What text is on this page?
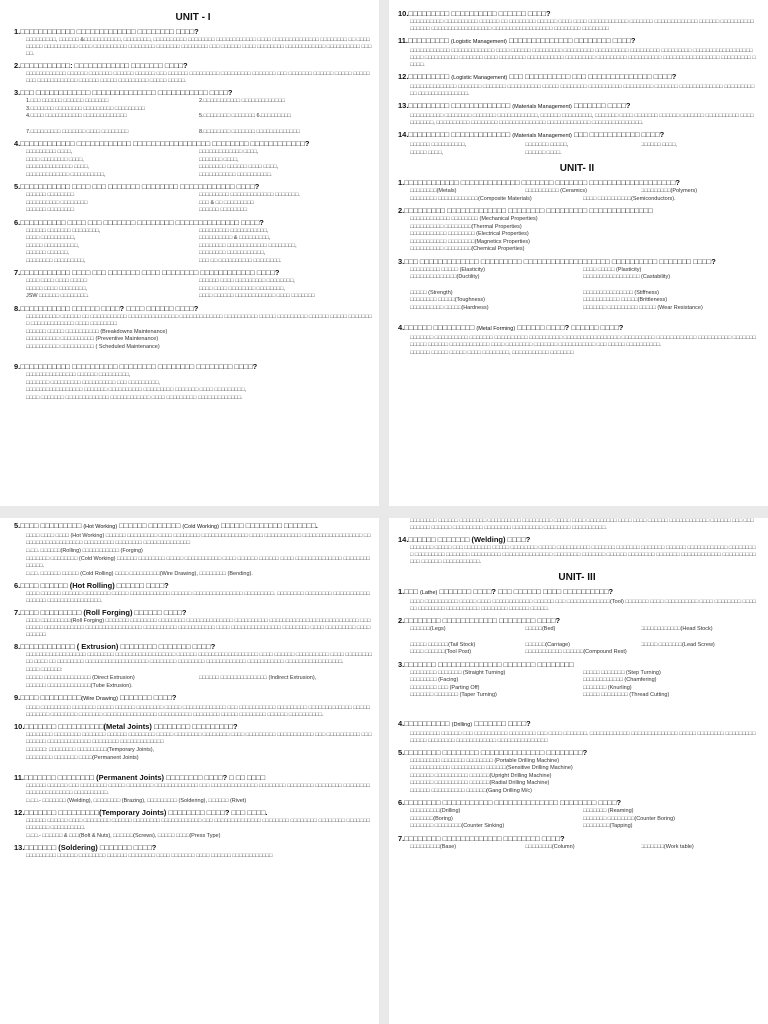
UNIT - I
1.□□□□□□□□□□□□ □□□□□□□□□□□□□ □□□□□□□□ □□□□?
□□□□□□□□□, □□□□□□ &□□□□□□□□□□□, □□□□□□□□, □□□□□□□□□□ □□□□□□□□ □□□□□□□□□□□□ □□□□ □□□□□□□□□□□□□□ □□□□□□□□ □□ □□□□□□□□□ □□□□□□□□□□ □□□□ □□□□□□□□□□ □□□□□□□□ □□□□□□□ □□□□□□□□ □□□ □□□□□□ □□□□ □□□□□□□□ □□□□□□□□□□□□ □□□□□□□□□□ □□□□□.
2.□□□□□□□□□□□: □□□□□□□□□□□□ □□□□□□□ □□□□?
□□□□□□□□□□□□ □□□□□□ □□□□□□□ □□□□□□ □□□□□□ □□□ □□□□□□ □□□□□□□□□ □□□□□□□□□ □□□□□□□ □□□ □□□□□□□ □□□□□□ □□□□□ □□□□□□□□ □□□□□□□□□□□□ □□□□□□ □□□□□ □□□□□□□□□ □□□□□ □□□□□.
3.□□□ □□□□□□□□□□□□ □□□□□□□□□□□□□□ □□□□□□□□□□□ □□□□?
1.□□□ □□□□□□ □□□□□□ □□□□□□□	2.□□□□□□□□□□□ □□□□□□□□□□□□□
3.□□□□□□□ □□□□□□□□ □□□□□□□□□ □□□□□□□□□
4.□□□□ □□□□□□□□□□□ □□□□□□□□□□□□□	5.□□□□□□□□ □□□□□□□ 6.□□□□□□□□□
7.□□□□□□□□□ □□□□□□□ □□□□ □□□□□□□□	8.□□□□□□□□ □□□□□□□ □□□□□□□□□□□□□
4.□□□□□□□□□□□□ □□□□□□□□□□□□ □□□□□□□□□□□□□□□□□ □□□□□□□□ □□□□□□□□□□□□?
□□□□□□□□□ □□□□,	□□□□□□□□□□□□□ □□□□,
□□□□ □□□□□□□□ □□□□,	□□□□□□□ □□□□,
□□□□□□□□□□□□□□ □□□□,	□□□□□□□□ □□□□□□ □□□□ □□□□,
□□□□□□□□□□□□□ □□□□□□□□□□,	□□□□□□□□□□□ □□□□□□□□□□.
5.□□□□□□□□□□□ □□□□ □□□ □□□□□□□ □□□□□□□□ □□□□□□□□□□□□ □□□□?
□□□□□□ □□□□□□□□	□□□□□□□□□ □□□□□□□□□□□□□ □□□□□□□.
□□□□□□□□□□ □□□□□□□□	□□□ & □□ □□□□□□□□□
□□□□□□ □□□□□□□□	□□□□□□ □□□□□□□□
6.□□□□□□□□□□ □□□□ □□□ □□□□□□□ □□□□□□□□ □□□□□□□□□□□□□□ □□□□?
□□□□□□ □□□□□□□ □□□□□□□□,	□□□□□□□□□ □□□□□□□□□□□,
□□□□ □□□□□□□□□□,	□□□□□□□□□□ & □□□□□□□□□,
□□□□□ □□□□□□□□□□,	□□□□□□□□ □□□□□□□□□□□□ □□□□□□□□,
□□□□□□ □□□□□□,	□□□□□□□□ □□□□□□□□□□□,
□□□□□□□□ □□□□□□□□□,	□□□ □□ □□□□□□□□□□ □□□□□□□□.
7.□□□□□□□□□□□ □□□□ □□□ □□□□□□□ □□□□ □□□□□□□□ □□□□□□□□□□□□ □□□□?
□□□□ □□□□ □□□□ □□□□□	□□□□□□ □□□□ □□□□□□□□□ □□□□□□□□,
□□□□□ □□□□ □□□□□□□□,	□□□□ □□□□ □□□□□□□□ □□□□□□□□,
JSW □□□□□□ □□□□□□□□.	□□□□ □□□□□□ □□□□□□□□□□□□ □□□□ □□□□□□□
8.□□□□□□□□□□□ □□□□□□ □□□□? □□□□ □□□□□□ □□□□?
□□□□□□□□□□ □□□□□□ □□ □□□□□□□□□□□ □□□□□□□□□□□□□□□ □□□□□□□□□□□□□ □□□□□□□□□□ □□□□□ □□□□□□□□□ □□□□□□ □□□□□ □□□□□□□□ □□□□□□□□□□□□□ □□□□ □□□□□□□□
□□□□□□ □□□□□ □□□□□□□□□□ (Breakdowns Maintenance)
□□□□□□□□□□ □□□□□□□□□□ (Preventive Maintenance)
□□□□□□□□□□ □□□□□□□□□□ ( Scheduled Maintenance)
9.□□□□□□□□□□□ □□□□□□□□□□ □□□□□□□□ □□□□□□□□ □□□□□□□□ □□□□?
□□□□□□□□□□□□□□□ □□□□□□ □□□□□□□□□,
□□□□□□□ □□□□□□□□□ □□□□□□□□□□ □□□ □□□□□□□□□,
□□□□□□□□□□□□□□□□□ □□□□□□□ □□□□□□□□□□ □□□□□□□□□ □□□□□□□ □□□□ □□□□□□□□□,
□□□□ □□□□□□□ □□□□□□□□□□□□□ □□□□□□□□□□□□ □□□□ □□□□□□□□□ □□□□□□□□□□□□□.
10.□□□□□□□□□ □□□□□□□□□□ □□□□□□ □□□□?
□□□□□□□□□□ □□□□□□□□□□ □□□□□□ □□ □□□□□□□□ □□□□□□ □□□□ □□□□ □□□□□□□□□□□□ □□□□□□□ □□□□□□□□□□□□□ □□□□□□ □□□□□□□□□□□□□□□□ □□□□□□□□□□□□□□□□□□ □□□□□□□□□□□□□□□□□□ □□□□□□□□ □□□□□□□□
11.□□□□□□□□□ (Logistic Management) □□□□□□□□□□□□□□ □□□□□□□□ □□□□?
□□□□□□□□□□□□ □□□□□□□□□□□□□ □□□□ □□□□□□ □□□□□□□□□ □□□□□□□□□ □□□□□□□□□□ □□□□□□□□□ □□□□□□□□□ □□□□□□□□□□□□□□□□□□ □□□□ □□□□□□□□□□ □□□□□□□ □□□□ □□□□□□□□ □□□□□□□□□□□ □□□□□□□□□ □□□□□□□□□ □□□□□□□□□□ □□□□□□□□□□□□□□□□□ □□□□□□□□□ □□□□□.
12.□□□□□□□□□ (Logistic Management) □□□ □□□□□□□□□□ □□□ □□□□□□□□□□□□□□ □□□□?
□□□□□□□□□□□□□□ □□□□□□□ □□□□□□□ □□□□□□□□□□ □□□□□ □□□□□□□□ □□□□□□□□□□ □□□□□□□□□ □□□□□□□ □□□□□□□□□□□□□ □□□□□□□□□□□ □□□□□□□□□□□□□□□.
13.□□□□□□□□□ □□□□□□□□□□□□□ (Materials Management) □□□□□□□ □□□□?
□□□□□□□□□□ □□□□□□□□ □□□□□□□ □□□□□□□□□□□□, □□□□□□ □□□□□□□□□, □□□□□□□ □□□□ □□□□□□□ □□□□□□ □□□□□□□ □□□□□□□□□□ □□□□□□□□□□□, □□□□□□□□□□ □□□□□□□□ □□□□□□□□□□□□□□ □□□□□□□□□□□□□ □□□□□□□□□□□□□□□.
14.□□□□□□□□□ □□□□□□□□□□□□□ (Materials Management) □□□ □□□□□□□□□□□ □□□□?
□□□□□□ □□□□□□□□□□,	□□□□□□□ □□□□□,	□□□□□□ □□□□,
□□□□□ □□□□,	□□□□□□ □□□□.
UNIT- II
1.□□□□□□□□□□□□ □□□□□□□□□□□□□ □□□□□□□ □□□□□□□ □□□□□□□□□□□□□□□□□□□?
□□□□□□□□(Metals)	□□□□□□□□□□ (Ceramics)	□□□□□□□□□(Polymers)
□□□□□□□□ □□□□□□□□□□□□(Composite Materials)	□□□□ □□□□□□□□□□(Semiconductors).
2.□□□□□□□□□ □□□□□□□□□□□□□ □□□□□□□□ □□□□□□□□□ □□□□□□□□□□□□□□
□□□□□□□□□□□□ □□□□□□□□ (Mechanical Properties)
□□□□□□□□□□ □□□□□□□□(Thermal Properties)
□□□□□□□□□□□ □□□□□□□□ (Electrical Properties)
□□□□□□□□□□□ □□□□□□□□(Magnetics Properties)
□□□□□□□□□□ □□□□□□□□(Chemical Properties)
3.□□□ □□□□□□□□□□□□□ □□□□□□□□□ □□□□□□□□□□□□□□□□□□□ □□□□□□□□□□ □□□□□□□ □□□□?
□□□□□□□□□ □□□□□ (Elasticity)	□□□□ □□□□□ (Plasticity)
□□□□□□□□□□□□□□(Ductility)	□□□□□□□□□□□□□□□□□ (Castability)
□□□□□ (Strength)	□□□□□□□□□□□□□□□ (Stiffness)
□□□□□□□□ □□□□□(Toughness)	□□□□□□□□□□□ □□□□□(Brittleness)
□□□□□□□□□□ □□□□□(Hardness)	□□□□□□□ □□□□□□□□□ □□□□□ (Wear Resistance)
4.□□□□□□ □□□□□□□□□ (Metal Forming) □□□□□□ □□□□? □□□□□□ □□□□?
□□□□□□□ □□□□□□□□□□ □□□□□□□ □□□□□□□□□□ □□□□□□□□□□ □□□□□□□□□□□□□□□□□ □□□□□□□□□□ □□□□□□□□□□□□ □□□□□□□□□□ □□□□□□□□□□□□ □□□□□□ □□□□□□□□□□□□ □□□□ □□□□□□□□ □□□□□□□ □□□□□□□□□□□ □□□ □□□□□ □□□□□□□□□□.
□□□□□□ □□□□□ □□□□□ □□□□ □□□□□□□□, □□□□□□□□□□□ □□□□□□□
5.□□□□ □□□□□□□□□ (Hot Working) □□□□□□ □□□□□□□ (Cold Working) □□□□□ □□□□□□□□ □□□□□□□.
□□□□ □□□□ □□□□ (Hot Working) □□□□□□ □□□□□□□□□ □□□□ □□□□□□□□ □□□□□□□□□□□□□□ □□□□ □□□□□□□□□□□ □□□□□□□□□□□□□□□□□□ □□□□□□□□□□□□□□□□□□□ □□□□□□□□□ □□□□□□□□ □□□□□□□□□□□□□□
□.□□. □□□□□□(Rolling) □□□□□□□□□□□ (Forging)
□□□□□□□ □□□□□□□□ (Cold Working) □□□□□□ □□□□□□□□ □□□□□ □□□□□□□□□□□ □□□□ □□□□□□ □□□□□□ □□□□ □□□□□□□□□□□□□□ □□□□□□□□□□□□□.
□.□□. □□□□□□ □□□□□ (Cold Rolling) □□□□ □□□□□□□□□(Wire Drawing), □□□□□□□□ (Bending).
6.□□□□ □□□□□□ (Hot Rolling) □□□□□□ □□□□?
□□□□ □□□□□□ □□□□□□ □□□□□□□□ □□□□□ □□□□□□□□□□□□ □□□□□□ □□□□□□□□□□□□□□□ □□□□□□□□□. □□□□□□□□ □□□□□□□□ □□□□□□□□□□□ □□□□□□ □□□□□□□□□□□□□□□□.
7.□□□□ □□□□□□□□□ (Roll Forging) □□□□□□ □□□□?
□□□□ □□□□□□□□□(Roll Forging) □□□□□□□ □□□□□□□□ □□□□□□□□ □□□□□□□□□□□□□□ □□□□□□□□□□ □□□□□□□□□□□□□□□□□□□□□□□□□□□ □□□□□□□□ □□□□□□□□□□□□ □□□□□□□□□□□□□□□□□ □□□□□□□□□□ □□□□□□□□□□□ □□□□ □□□□□□□□□□□□□□□ □□□□□□□□ □□□□ □□□□□□□□□ □□□□□□□□□□
8.□□□□□□□□□□□□ ( Extrusion) □□□□□□□□ □□□□□□□ □□□□?
□□□□□□□□□□□□□□□□□□ □□□□□□□□ □□□□□□□□□□□□□□□□□□ □□□□□□ □□□□□□□□□□□□□□□□□□ □□□□ □□□□□□ □□□□□□□□□□ □□□□ □□□□□□□□□□ □□□□ □□ □□□□□□□□ □□□□□□□□□□□□□□□□□□□ □□□□□□□□ □□□□□□□□ □□□□□□□□□□□□ □□□□□□□□□□□ □□□□□□□□□□□□□□□□□.
□□□□ □□□□□□:
□□□□□ □□□□□□□□□□□□□□ (Direct Extrusion)	□□□□□□ □□□□□□□□□□□□□□ (Indirect Extrusion),
□□□□□□ □□□□□□□□□□□□□(Tube Extrusion).
9.□□□□ □□□□□□□□□(Wire Drawing) □□□□□□□ □□□□?
□□□□ □□□□□□□□□ □□□□□□□ □□□□□ □□□□□□ □□□□□□□□ □□□□□ □□□□□□□□□□□□□ □□□ □□□□□□□□□□□ □□□□□□□□□ □□□□□□□□□□□□□ □□□□□□□□□□□□ □□□□□□□□ □□□□□□□ □□□□□□□□□□□□□□□□ □□□□□□□□□□ □□□□□□□□ □□□□□ □□□□□□□□ □□□□□□ □□□□□□□□□□.
10.□□□□□□□ □□□□□□□□□□(Metal Joints) □□□□□□□□ □□□□□□□□□?
□□□□□□□□ □□□□□□□□ □□□□□□□ □□□□□□ □□□□□□□□ □□□□□ □□□□□□□□ □□□□□□□□ □□□□ □□□□□□□□□ □□□□□□□□□□□ □□□ □□□□□□□□□□ □□□□□□□□□ □□□□□□□□□□□□□ □□□□□□□□ □□□□□□□□□□□□□
□□□□□□: □□□□□□□□ □□□□□□□□□(Temporary Joints),
□□□□□□□□ □□□□□□□ □□□□(Permanent Joints)
11.□□□□□□□ □□□□□□□□ (Permanent Joints) □□□□□□□□ □□□□? □ □□ □□□□
□□□□□□ □□□□□□ □□□ □□□□□□□□ □□□□□ □□□□□□□□ □□□□□□□□□□□□□ □□□ □□□□□□□□□□□□□□ □□□□□□□□ □□□□□□□□ □□□□□□□□ □□□□□□□□ □□□□□□□□□□□□□□ □□□□□□□□□□.
□.□□.- □□□□□□□ (Welding), □□□□□□□□ (Brazing), □□□□□□□□□ (Soldering), □□□□□□ (Rivet)
12.□□□□□□□ □□□□□□□□□(Temporary Joints) □□□□□□□□ □□□□? □□□ □□□□.
□□□□□□ □□□□□□ □□□□ □□□□□□□□ □□□□□□ □□□□□□□□ □□□□□□□□□□□□ □□□ □□□□□□□□□□□□□□ □□□□□□□□ □□□□□□□□ □□□□□□□□ □□□□□□□□□□□□□□ □□□□□□□□□□.
□.□□.- □□□□□□ & □□□(Bolt & Nuts), □□□□□□(Screws), □□□□□ □□□□(Press Type)
13.□□□□□□□ (Soldering) □□□□□□□ □□□□?
□□□□□□□□□ □□□□□□ □□□□□□□□ □□□□□□ □□□□□□□□ □□□□ □□□□□□□ □□□□ □□□□□□ □□□□□□□□□□□□
□□□□□□□□ □□□□□□ □□□□□□□□ □□□□□□□□□□ □□□□□□□□□ □□□□□ □□□□ □□□□□□□□□ □□□□ □□□□ □□□□□□ □□□□□□□□□□□□ □□□□□□ □□□ □□□□□□□□□ □□□□□□ □□□□□□□□□ □□□□□□□□ □□□□□□□□□ □□□□□□□□ □□□□□□□□□□.
14.□□□□□□ □□□□□□□ (Welding) □□□□?
□□□□□□□ □□□□□ □□□ □□□□□□□□ □□□□□ □□□□□□□□ □□□□□ □□□□□□□□□□ □□□□□□□ □□□□□□□ □□□□□□□ □□□□□□ □□□□□□□□□□□□ □□□□□□□□□ □□□□□□□□□ □□□□□□□ □□□□□□□□□ □□□□□□□□□□□□□□□ □□□□□□□□ □□□□□□□ □□□□□□ □□□□□□□□ □□□□□□□ □□□□□□□□□□□□ □□□□□□□□□□□□□ □□□□□□ □□□□□□□□□□□.
UNIT- III
1.□□□ (Lathe) □□□□□□□ □□□□? □□□ □□□□□□ □□□□ □□□□□□□□□□?
□□□□ □□□□□□□□□□ □□□□□ □□□□ □□□□□□□□□□□□ □□□□□□ □□□ □□□□□□□□□□□□□(Tool) □□□□□□□ □□□□ □□□□□□□□□□ □□□□ □□□□□□□□ □□□□□□ □□□□□□□□ □□□□□□□□□□ □□□□□□□□ □□□□□□ □□□□□.
2.□□□□□□□□ □□□□□□□□□□□□ □□□□□□□□ □□□□?
□□□□□□(Legs)	□□□□□(Bed)	□□□□□□□□□□□□(Head Stock)
□□□□□ □□□□□□(Tail Stock)	□□□□□□(Carriage)	□□□□□ □□□□□□□(Lead Screw)
□□□□ □□□□□□(Tool Post)	□□□□□□□□□□□ □□□□□□(Compound Rest)
3.□□□□□□□ □□□□□□□□□□□□□□ □□□□□□□ □□□□□□□□
□□□□□□□□ □□□□□□□ (Straight Turning)	□□□□□ □□□□□□□ (Step Turning)
□□□□□□□□ (Facing)	□□□□□□□□□□□□ (Chamfering)
□□□□□□□□ □□□ (Parting Off)	□□□□□□□ (Knurling)
□□□□□□□ □□□□□□□ (Taper Turning)	□□□□□ □□□□□□□□ (Thread Cutting)
4.□□□□□□□□□□ (Drilling) □□□□□□□ □□□□?
□□□□□□□□□ □□□□□□ □□□ □□□□□□□□□□ □□□□□□□□ □□□ □□□□ □□□□□□□. □□□□□□□□□□□□ □□□□□□□□□□□□□□ □□□□□ □□□□□□□□ □□□□□□□□□□□□□□ □□□□□□□□ □□□□□□□□□□□□ □□□□□□□□□□□□□□□
5.□□□□□□□□ □□□□□□□□ □□□□□□□□□□□□□□ □□□□□□□□?
□□□□□□□□□ □□□□□□□ □□□□□□□□ (Portable Drilling Machine)
□□□□□□□□□□□□ □□□□□□□□□□ □□□□□□(Sensitive Drilling Machine)
□□□□□□□ □□□□□□□□□□ □□□□□□(Upright Drilling Machine)
□□□□□□□ □□□□□□□□□□ □□□□□□(Radial Drilling Machine)
□□□□□□ □□□□□□□□□□ □□□□□□(Gang Drilling M/c)
6.□□□□□□□□ □□□□□□□□□□□ □□□□□□□□□□□□□□ □□□□□□□□ □□□□?
□□□□□□□□□(Drilling)	□□□□□□□ (Reaming)
□□□□□□□(Boring)	□□□□□□□ □□□□□□□□(Counter Boring)
□□□□□□□ □□□□□□□□(Counter Sinking)	□□□□□□□□(Tapping)
7.□□□□□□□□ □□□□□□□□□□□□□ □□□□□□□□ □□□□?
□□□□□□□□□(Base)	□□□□□□□□(Column)	□□□□□□□(Work table)
